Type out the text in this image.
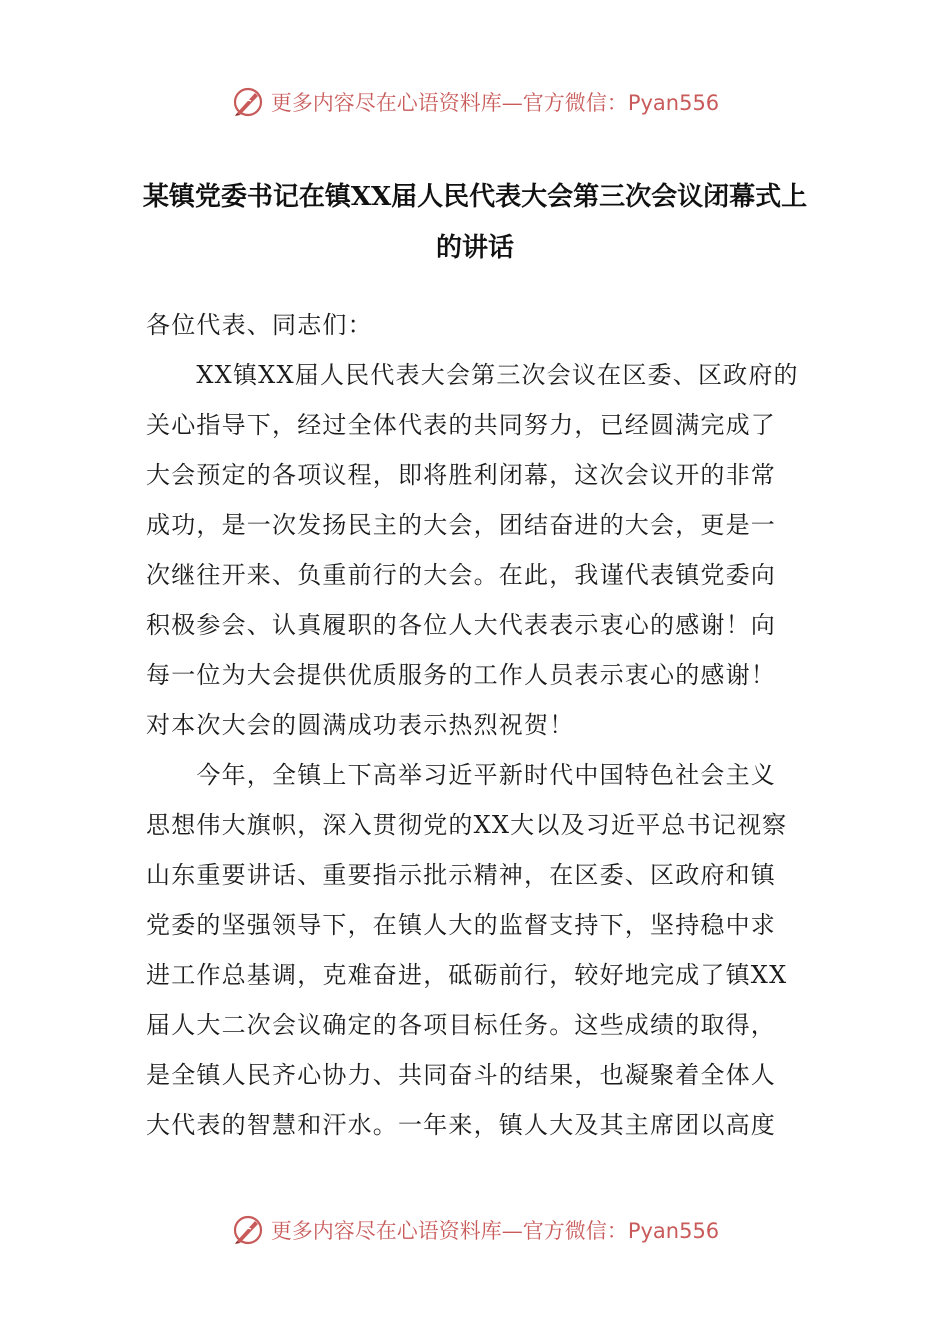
更多内容尽在心语资料库—官方微信：Pyan556
某镇党委书记在镇XX届人民代表大会第三次会议闭幕式上
的讲话
各位代表、同志们：
　　XX镇XX届人民代表大会第三次会议在区委、区政府的
关心指导下，经过全体代表的共同努力，已经圆满完成了
大会预定的各项议程，即将胜利闭幕，这次会议开的非常
成功，是一次发扬民主的大会，团结奋进的大会，更是一
次继往开来、负重前行的大会。在此，我谨代表镇党委向
积极参会、认真履职的各位人大代表表示衷心的感谢！向
每一位为大会提供优质服务的工作人员表示衷心的感谢！
对本次大会的圆满成功表示热烈祝贺！
　　今年，全镇上下高举习近平新时代中国特色社会主义
思想伟大旗帜，深入贯彻党的XX大以及习近平总书记视察
山东重要讲话、重要指示批示精神，在区委、区政府和镇
党委的坚强领导下，在镇人大的监督支持下，坚持稳中求
进工作总基调，克难奋进，砥砺前行，较好地完成了镇XX
届人大二次会议确定的各项目标任务。这些成绩的取得，
是全镇人民齐心协力、共同奋斗的结果，也凝聚着全体人
大代表的智慧和汗水。一年来，镇人大及其主席团以高度
更多内容尽在心语资料库—官方微信：Pyan556
